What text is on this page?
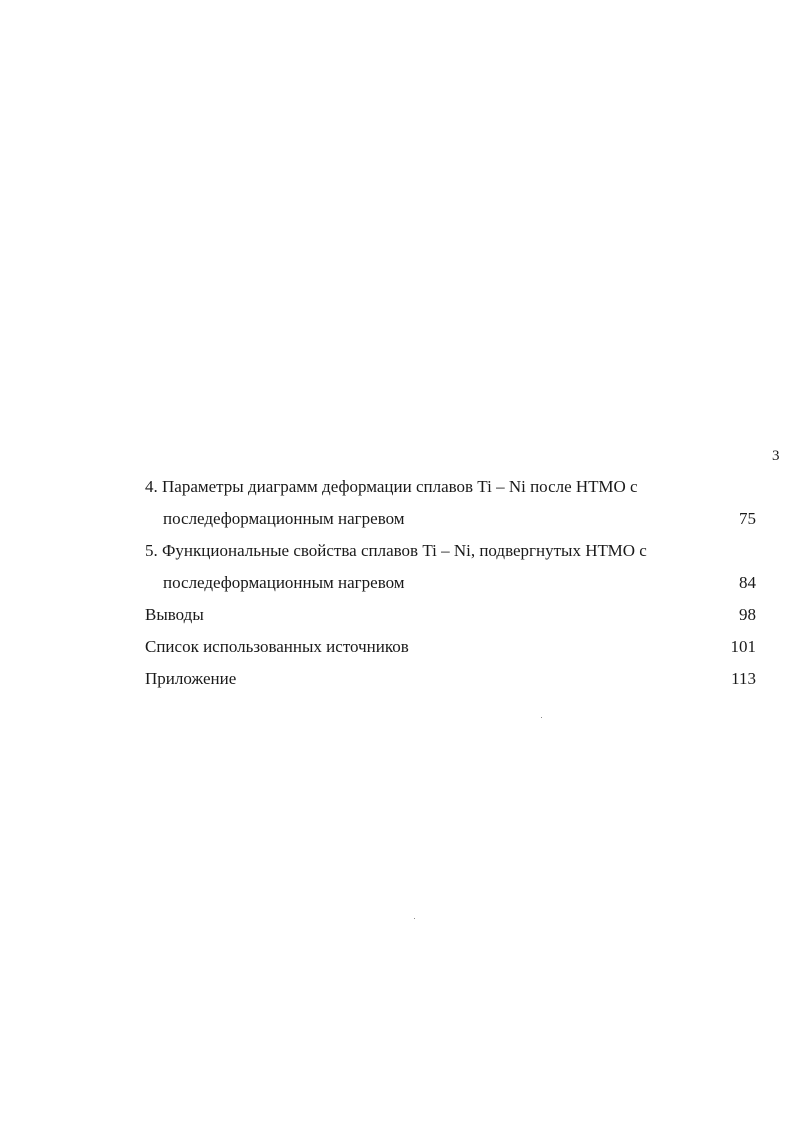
3
4. Параметры диаграмм деформации сплавов Ti – Ni после НТМО с
последеформационным нагревом	75
5. Функциональные свойства сплавов Ti – Ni, подвергнутых НТМО с
последеформационным нагревом	84
Выводы	98
Список использованных источников	101
Приложение	113
